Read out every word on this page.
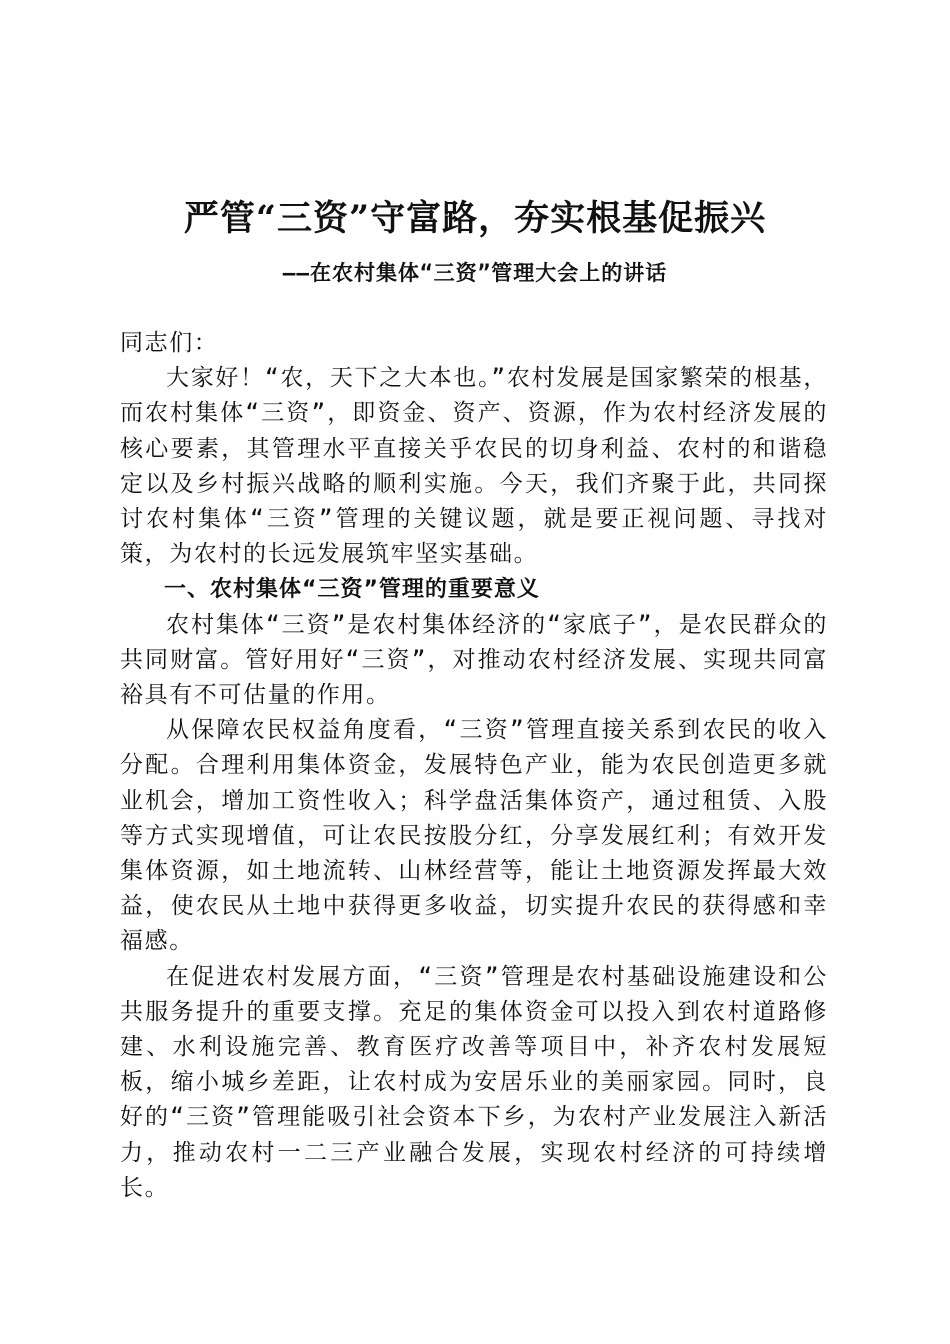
严管“三资”守富路，夯实根基促振兴
——在农村集体“三资”管理大会上的讲话

同志们：

大家好！“农，天下之大本也。”农村发展是国家繁荣的根基，而农村集体“三资”，即资金、资产、资源，作为农村经济发展的核心要素，其管理水平直接关乎农民的切身利益、农村的和谐稳定以及乡村振兴战略的顺利实施。今天，我们齐聚于此，共同探讨农村集体“三资”管理的关键议题，就是要正视问题、寻找对策，为农村的长远发展筑牢坚实基础。

一、农村集体“三资”管理的重要意义

农村集体“三资”是农村集体经济的“家底子”，是农民群众的共同财富。管好用好“三资”，对推动农村经济发展、实现共同富裕具有不可估量的作用。

从保障农民权益角度看，“三资”管理直接关系到农民的收入分配。合理利用集体资金，发展特色产业，能为农民创造更多就业机会，增加工资性收入；科学盘活集体资产，通过租赁、入股等方式实现增值，可让农民按股分红，分享发展红利；有效开发集体资源，如土地流转、山林经营等，能让土地资源发挥最大效益，使农民从土地中获得更多收益，切实提升农民的获得感和幸福感。

在促进农村发展方面，“三资”管理是农村基础设施建设和公共服务提升的重要支撑。充足的集体资金可以投入到农村道路修建、水利设施完善、教育医疗改善等项目中，补齐农村发展短板，缩小城乡差距，让农村成为安居乐业的美丽家园。同时，良好的“三资”管理能吸引社会资本下乡，为农村产业发展注入新活力，推动农村一二三产业融合发展，实现农村经济的可持续增长。
